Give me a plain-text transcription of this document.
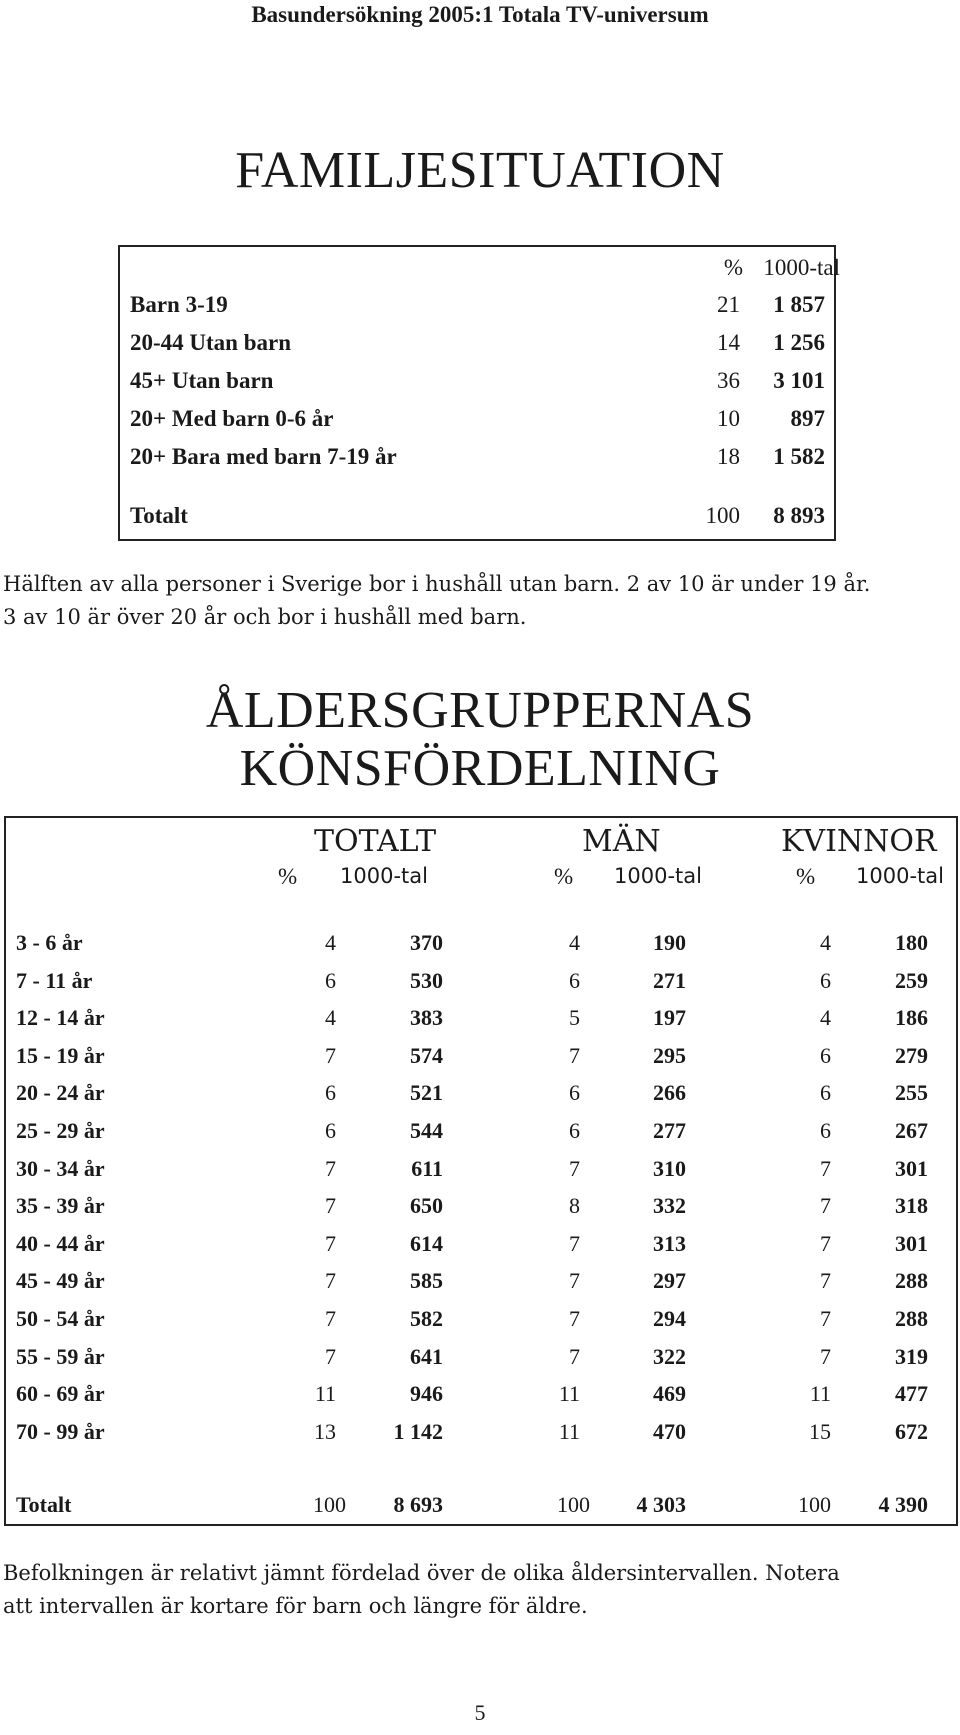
Basundersökning 2005:1 Totala TV-universum
FAMILJESITUATION
% 1000-tal
Barn 3-19	21	1 857
20-44 Utan barn	14	1 256
45+ Utan barn	36	3 101
20+ Med barn 0-6 år	10	897
20+ Bara med barn 7-19 år	18	1 582
Totalt	100	8 893
Hälften av alla personer i Sverige bor i hushåll utan barn. 2 av 10 är under 19 år.
3 av 10 är över 20 år och bor i hushåll med barn.
ÅLDERSGRUPPERNAS
KÖNSFÖRDELNING
TOTALT	MÄN	KVINNOR
% 1000-tal	% 1000-tal	% 1000-tal
3 - 6 år	4	370	4	190	4	180
7 - 11 år	6	530	6	271	6	259
12 - 14 år	4	383	5	197	4	186
15 - 19 år	7	574	7	295	6	279
20 - 24 år	6	521	6	266	6	255
25 - 29 år	6	544	6	277	6	267
30 - 34 år	7	611	7	310	7	301
35 - 39 år	7	650	8	332	7	318
40 - 44 år	7	614	7	313	7	301
45 - 49 år	7	585	7	297	7	288
50 - 54 år	7	582	7	294	7	288
55 - 59 år	7	641	7	322	7	319
60 - 69 år	11	946	11	469	11	477
70 - 99 år	13	1 142	11	470	15	672
Totalt	100	8 693	100	4 303	100	4 390
Befolkningen är relativt jämnt fördelad över de olika åldersintervallen. Notera
att intervallen är kortare för barn och längre för äldre.
5
